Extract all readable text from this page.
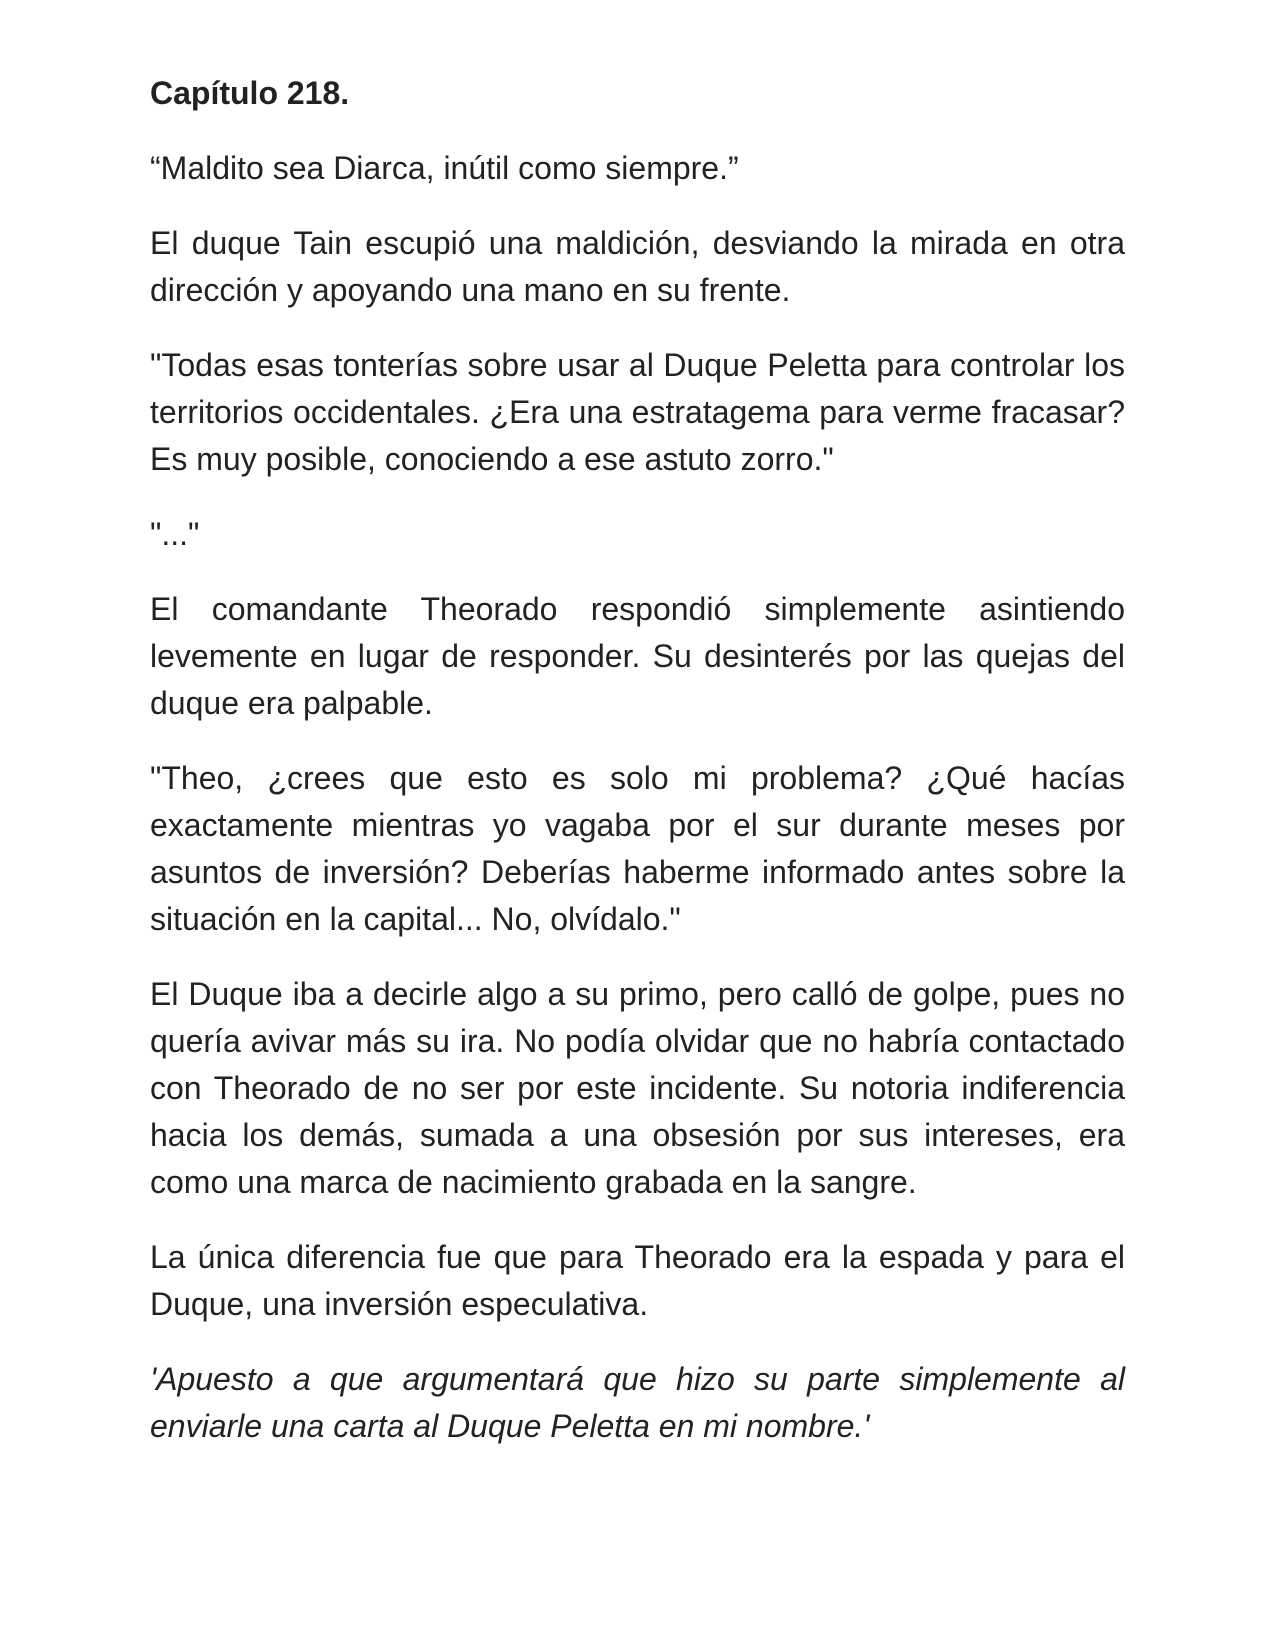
Capítulo 218.
“Maldito sea Diarca, inútil como siempre.”
El duque Tain escupió una maldición, desviando la mirada en otra dirección y apoyando una mano en su frente.
"Todas esas tonterías sobre usar al Duque Peletta para controlar los territorios occidentales. ¿Era una estratagema para verme fracasar? Es muy posible, conociendo a ese astuto zorro."
"..."
El comandante Theorado respondió simplemente asintiendo levemente en lugar de responder. Su desinterés por las quejas del duque era palpable.
"Theo, ¿crees que esto es solo mi problema? ¿Qué hacías exactamente mientras yo vagaba por el sur durante meses por asuntos de inversión? Deberías haberme informado antes sobre la situación en la capital... No, olvídalo."
El Duque iba a decirle algo a su primo, pero calló de golpe, pues no quería avivar más su ira. No podía olvidar que no habría contactado con Theorado de no ser por este incidente. Su notoria indiferencia hacia los demás, sumada a una obsesión por sus intereses, era como una marca de nacimiento grabada en la sangre.
La única diferencia fue que para Theorado era la espada y para el Duque, una inversión especulativa.
'Apuesto a que argumentará que hizo su parte simplemente al enviarle una carta al Duque Peletta en mi nombre.'
